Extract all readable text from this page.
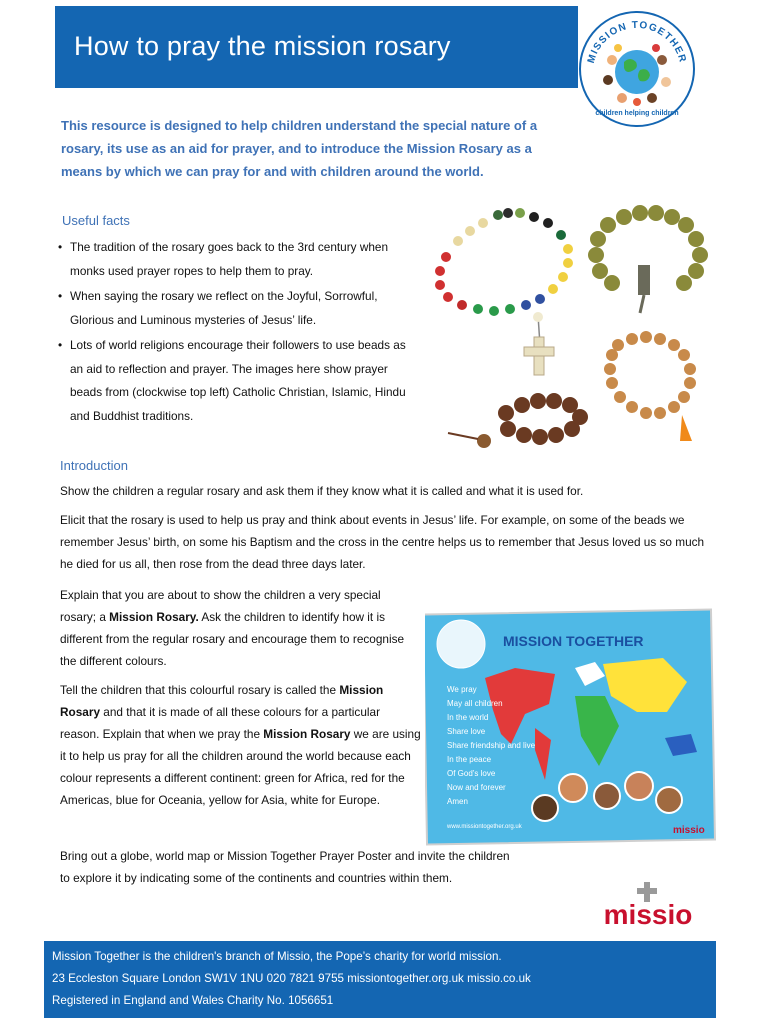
How to pray the mission rosary	MISSION TOGETHER
children helping children

This resource is designed to help children understand the special nature of a rosary, its use as an aid for prayer, and to introduce the Mission Rosary as a means by which we can pray for and with children around the world.

Useful facts
• The tradition of the rosary goes back to the 3rd century when monks used prayer ropes to help them to pray.
• When saying the rosary we reflect on the Joyful, Sorrowful, Glorious and Luminous mysteries of Jesus’ life.
• Lots of world religions encourage their followers to use beads as an aid to reflection and prayer. The images here show prayer beads from (clockwise top left) Catholic Christian, Islamic, Hindu and Buddhist traditions.
Introduction

Show the children a regular rosary and ask them if they know what it is called and what it is used for.

Elicit that the rosary is used to help us pray and think about events in Jesus’ life. For example, on some of the beads we remember Jesus’ birth, on some his Baptism and the cross in the centre helps us to remember that Jesus loved us so much he died for us all, then rose from the dead three days later.

Explain that you are about to show the children a very special rosary; a Mission Rosary. Ask the children to identify how it is different from the regular rosary and encourage them to recognise the different colours.

Tell the children that this colourful rosary is called the Mission Rosary and that it is made of all these colours for a particular reason. Explain that when we pray the Mission Rosary we are using it to help us pray for all the children around the world because each colour represents a different continent: green for Africa, red for the Americas, blue for Oceania, yellow for Asia, white for Europe.

Bring out a globe, world map or Mission Together Prayer Poster and invite the children to explore it by indicating some of the continents and countries within them.

MISSION TOGETHER
We pray
May all children
In the world
Share love
Share friendship and live
In the peace
Of God’s love
Now and forever
Amen
www.missiontogether.org.uk	missio
missio

Mission Together is the children's branch of Missio, the Pope’s charity for world mission.

23 Eccleston Square London SW1V 1NU 020 7821 9755 missiontogether.org.uk missio.co.uk

Registered in England and Wales Charity No. 1056651
